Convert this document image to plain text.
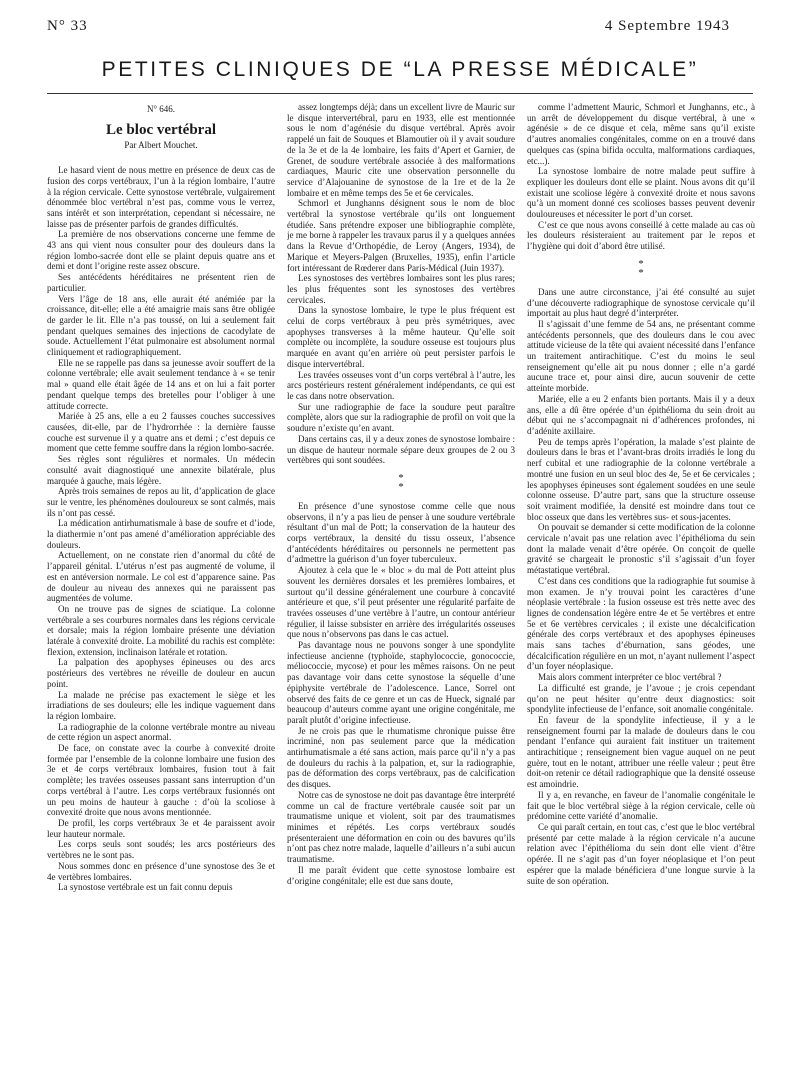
N° 33	4 Septembre 1943
PETITES CLINIQUES DE “LA PRESSE MÉDICALE”
N° 646.
Le bloc vertébral
Par Albert Mouchet.

Le hasard vient de nous mettre en présence de deux cas de fusion des corps vertébraux, l’un à la région lombaire, l’autre à la région cervicale. Cette synostose vertébrale, vulgairement dénommée bloc vertébral n’est pas, comme vous le verrez, sans intérêt et son interprétation, cependant si nécessaire, ne laisse pas de présenter parfois de grandes difficultés.

La première de nos observations concerne une femme de 43 ans qui vient nous consulter pour des douleurs dans la région lombo-sacrée dont elle se plaint depuis quatre ans et demi et dont l’origine reste assez obscure.

Ses antécédents héréditaires ne présentent rien de particulier.

Vers l’âge de 18 ans, elle aurait été anémiée par la croissance, dit-elle; elle a été amaigrie mais sans être obligée de garder le lit. Elle n’a pas toussé, on lui a seulement fait pendant quelques semaines des injections de cacodylate de soude. Actuellement l’état pulmonaire est absolument normal cliniquement et radiographiquement.

Elle ne se rappelle pas dans sa jeunesse avoir souffert de la colonne vertébrale; elle avait seulement tendance à « se tenir mal » quand elle était âgée de 14 ans et on lui a fait porter pendant quelque temps des bretelles pour l’obliger à une attitude correcte.

Mariée à 25 ans, elle a eu 2 fausses couches successives causées, dit-elle, par de l’hydrorrhée : la dernière fausse couche est survenue il y a quatre ans et demi ; c’est depuis ce moment que cette femme souffre dans la région lombo-sacrée.

Ses règles sont régulières et normales. Un médecin consulté avait diagnostiqué une annexite bilatérale, plus marquée à gauche, mais légère.

Après trois semaines de repos au lit, d’application de glace sur le ventre, les phénomènes douloureux se sont calmés, mais ils n’ont pas cessé.

La médication antirhumatismale à base de soufre et d’iode, la diathermie n’ont pas amené d’amélioration appréciable des douleurs.

Actuellement, on ne constate rien d’anormal du côté de l’appareil génital. L’utérus n’est pas augmenté de volume, il est en antéversion normale. Le col est d’apparence saine. Pas de douleur au niveau des annexes qui ne paraissent pas augmentées de volume.

On ne trouve pas de signes de sciatique. La colonne vertébrale a ses courbures normales dans les régions cervicale et dorsale; mais la région lombaire présente une déviation latérale à convexité droite. La mobilité du rachis est complète: flexion, extension, inclinaison latérale et rotation.

La palpation des apophyses épineuses ou des arcs postérieurs des vertèbres ne réveille de douleur en aucun point.

La malade ne précise pas exactement le siège et les irradiations de ses douleurs; elle les indique vaguement dans la région lombaire.

La radiographie de la colonne vertébrale montre au niveau de cette région un aspect anormal.

De face, on constate avec la courbe à convexité droite formée par l’ensemble de la colonne lombaire une fusion des 3e et 4e corps vertébraux lombaires, fusion tout à fait complète; les travées osseuses passant sans interruption d’un corps vertébral à l’autre. Les corps vertébraux fusionnés ont un peu moins de hauteur à gauche : d’où la scoliose à convexité droite que nous avons mentionnée.

De profil, les corps vertébraux 3e et 4e paraissent avoir leur hauteur normale.

Les corps seuls sont soudés; les arcs postérieurs des vertèbres ne le sont pas.

Nous sommes donc en présence d’une synostose des 3e et 4e vertèbres lombaires.

La synostose vertébrale est un fait connu depuis

assez longtemps déjà; dans un excellent livre de Mauric sur le disque intervertébral, paru en 1933, elle est mentionnée sous le nom d’agénésie du disque vertébral. Après avoir rappelé un fait de Souques et Blamoutier où il y avait soudure de la 3e et de la 4e lombaire, les faits d’Apert et Garnier, de Grenet, de soudure vertébrale associée à des malformations cardiaques, Mauric cite une observation personnelle du service d’Alajouanine de synostose de la 1re et de la 2e lombaire et en même temps des 5e et 6e cervicales.

Schmorl et Junghanns désignent sous le nom de bloc vertébral la synostose vertébrale qu’ils ont longuement étudiée. Sans prétendre exposer une bibliographie complète, je me borne à rappeler les travaux parus il y a quelques années dans la Revue d’Orthopédie, de Leroy (Angers, 1934), de Marique et Meyers-Palgen (Bruxelles, 1935), enfin l’article fort intéressant de Rœderer dans Paris-Médical (Juin 1937).

Les synostoses des vertèbres lombaires sont les plus rares; les plus fréquentes sont les synostoses des vertèbres cervicales.

Dans la synostose lombaire, le type le plus fréquent est celui de corps vertébraux à peu près symétriques, avec apophyses transverses à la même hauteur. Qu’elle soit complète ou incomplète, la soudure osseuse est toujours plus marquée en avant qu’en arrière où peut persister parfois le disque intervertébral.

Les travées osseuses vont d’un corps vertébral à l’autre, les arcs postérieurs restent généralement indépendants, ce qui est le cas dans notre observation.

Sur une radiographie de face la soudure peut paraître complète, alors que sur la radiographie de profil on voit que la soudure n’existe qu’en avant.

Dans certains cas, il y a deux zones de synostose lombaire : un disque de hauteur normale sépare deux groupes de 2 ou 3 vertèbres qui sont soudées.

*
*

En présence d’une synostose comme celle que nous observons, il n’y a pas lieu de penser à une soudure vertébrale résultant d’un mal de Pott; la conservation de la hauteur des corps vertébraux, la densité du tissu osseux, l’absence d’antécédents héréditaires ou personnels ne permettent pas d’admettre la guérison d’un foyer tuberculeux.

Ajoutez à cela que le « bloc » du mal de Pott atteint plus souvent les dernières dorsales et les premières lombaires, et surtout qu’il dessine généralement une courbure à concavité antérieure et que, s’il peut présenter une régularité parfaite de travées osseuses d’une vertèbre à l’autre, un contour antérieur régulier, il laisse subsister en arrière des irrégularités osseuses que nous n’observons pas dans le cas actuel.

Pas davantage nous ne pouvons songer à une spondylite infectieuse ancienne (typhoïde, staphylococcie, gonococcie, méliococcie, mycose) et pour les mêmes raisons. On ne peut pas davantage voir dans cette synostose la séquelle d’une épiphysite vertébrale de l’adolescence. Lance, Sorrel ont observé des faits de ce genre et un cas de Hueck, signalé par beaucoup d’auteurs comme ayant une origine congénitale, me paraît plutôt d’origine infectieuse.

Je ne crois pas que le rhumatisme chronique puisse être incriminé, non pas seulement parce que la médication antirhumatismale a été sans action, mais parce qu’il n’y a pas de douleurs du rachis à la palpation, et, sur la radiographie, pas de déformation des corps vertébraux, pas de calcification des disques.

Notre cas de synostose ne doit pas davantage être interprété comme un cal de fracture vertébrale causée soit par un traumatisme unique et violent, soit par des traumatismes minimes et répétés. Les corps vertébraux soudés présenteraient une déformation en coin ou des bavures qu’ils n’ont pas chez notre malade, laquelle d’ailleurs n’a subi aucun traumatisme.

Il me paraît évident que cette synostose lombaire est d’origine congénitale; elle est due sans doute,

comme l’admettent Mauric, Schmorl et Junghanns, etc., à un arrêt de développement du disque vertébral, à une « agénésie » de ce disque et cela, même sans qu’il existe d’autres anomalies congénitales, comme on en a trouvé dans quelques cas (spina bifida occulta, malformations cardiaques, etc...).

La synostose lombaire de notre malade peut suffire à expliquer les douleurs dont elle se plaint. Nous avons dit qu’il existait une scoliose légère à convexité droite et nous savons qu’à un moment donné ces scolioses basses peuvent devenir douloureuses et nécessiter le port d’un corset.

C’est ce que nous avons conseillé à cette malade au cas où les douleurs résisteraient au traitement par le repos et l’hygiène qui doit d’abord être utilisé.

*
*

Dans une autre circonstance, j’ai été consulté au sujet d’une découverte radiographique de synostose cervicale qu’il importait au plus haut degré d’interpréter.

Il s’agissait d’une femme de 54 ans, ne présentant comme antécédents personnels, que des douleurs dans le cou avec attitude vicieuse de la tête qui avaient nécessité dans l’enfance un traitement antirachitique. C’est du moins le seul renseignement qu’elle ait pu nous donner ; elle n’a gardé aucune trace et, pour ainsi dire, aucun souvenir de cette atteinte morbide.

Mariée, elle a eu 2 enfants bien portants. Mais il y a deux ans, elle a dû être opérée d’un épithélioma du sein droit au début qui ne s’accompagnait ni d’adhérences profondes, ni d’adénite axillaire.

Peu de temps après l’opération, la malade s’est plainte de douleurs dans le bras et l’avant-bras droits irradiés le long du nerf cubital et une radiographie de la colonne vertébrale a montré une fusion en un seul bloc des 4e, 5e et 6e cervicales ; les apophyses épineuses sont également soudées en une seule colonne osseuse. D’autre part, sans que la structure osseuse soit vraiment modifiée, la densité est moindre dans tout ce bloc osseux que dans les vertèbres sus- et sous-jacentes.

On pouvait se demander si cette modification de la colonne cervicale n’avait pas une relation avec l’épithélioma du sein dont la malade venait d’être opérée. On conçoit de quelle gravité se chargeait le pronostic s’il s’agissait d’un foyer métastatique vertébral.

C’est dans ces conditions que la radiographie fut soumise à mon examen. Je n’y trouvai point les caractères d’une néoplasie vertébrale : la fusion osseuse est très nette avec des lignes de condensation légère entre 4e et 5e vertèbres et entre 5e et 6e vertèbres cervicales ; il existe une décalcification générale des corps vertébraux et des apophyses épineuses mais sans taches d’éburnation, sans géodes, une décalcification régulière en un mot, n’ayant nullement l’aspect d’un foyer néoplasique.

Mais alors comment interpréter ce bloc vertébral ?

La difficulté est grande, je l’avoue ; je crois cependant qu’on ne peut hésiter qu’entre deux diagnostics: soit spondylite infectieuse de l’enfance, soit anomalie congénitale.

En faveur de la spondylite infectieuse, il y a le renseignement fourni par la malade de douleurs dans le cou pendant l’enfance qui auraient fait instituer un traitement antirachitique ; renseignement bien vague auquel on ne peut guère, tout en le notant, attribuer une réelle valeur ; peut être doit-on retenir ce détail radiographique que la densité osseuse est amoindrie.

Il y a, en revanche, en faveur de l’anomalie congénitale le fait que le bloc vertébral siège à la région cervicale, celle où prédomine cette variété d’anomalie.

Ce qui paraît certain, en tout cas, c’est que le bloc vertébral présenté par cette malade à la région cervicale n’a aucune relation avec l’épithélioma du sein dont elle vient d’être opérée. Il ne s’agit pas d’un foyer néoplasique et l’on peut espérer que la malade bénéficiera d’une longue survie à la suite de son opération.
